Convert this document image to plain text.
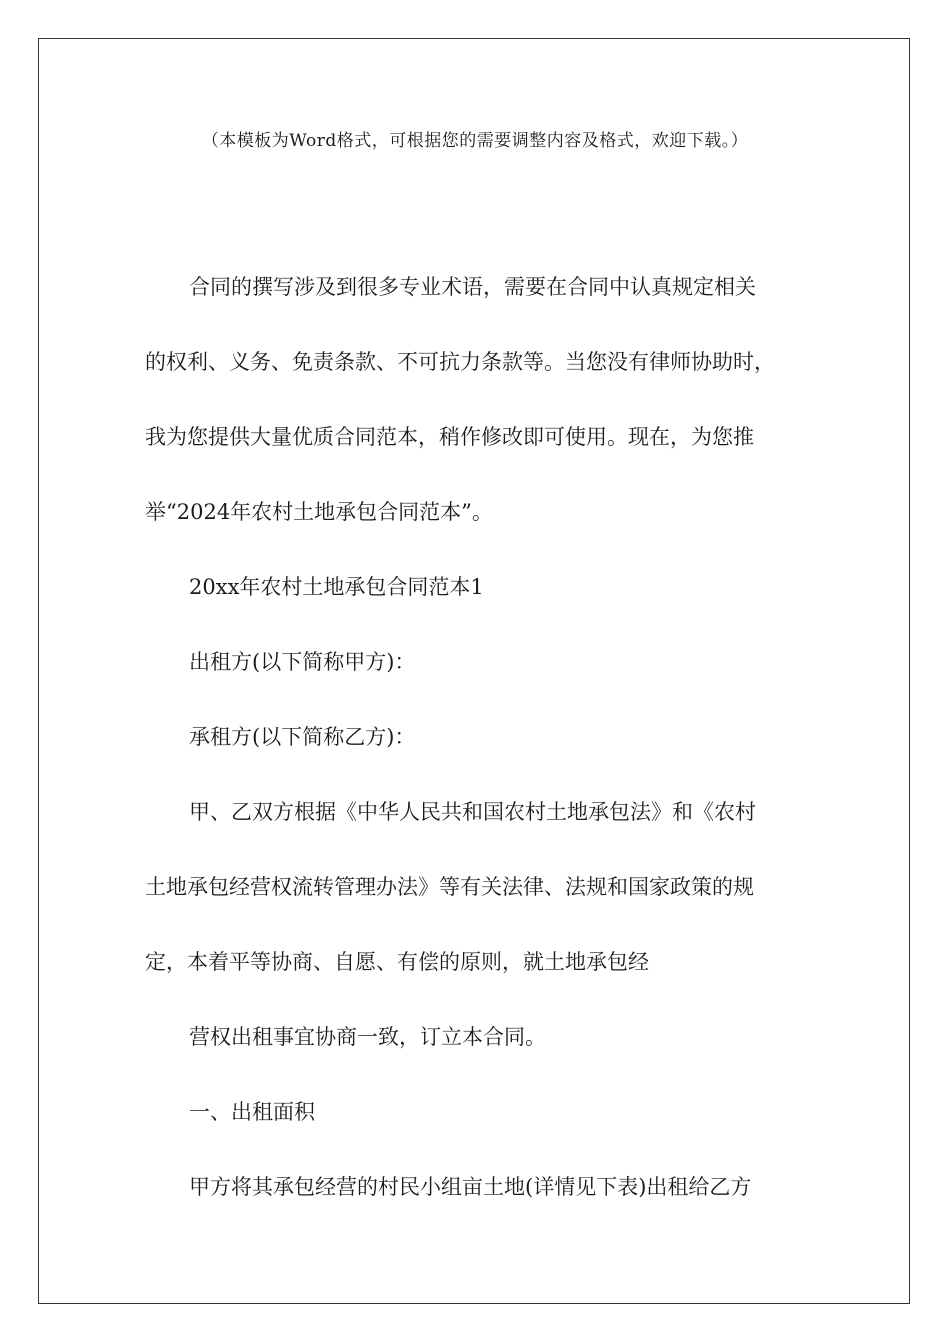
（本模板为Word格式，可根据您的需要调整内容及格式，欢迎下载。）
合同的撰写涉及到很多专业术语，需要在合同中认真规定相关
的权利、义务、免责条款、不可抗力条款等。当您没有律师协助时，
我为您提供大量优质合同范本，稍作修改即可使用。现在，为您推
举“2024年农村土地承包合同范本”。
20xx年农村土地承包合同范本1
出租方(以下简称甲方)：
承租方(以下简称乙方)：
甲、乙双方根据《中华人民共和国农村土地承包法》和《农村
土地承包经营权流转管理办法》等有关法律、法规和国家政策的规
定，本着平等协商、自愿、有偿的原则，就土地承包经
营权出租事宜协商一致，订立本合同。
一、出租面积
甲方将其承包经营的村民小组亩土地(详情见下表)出租给乙方
